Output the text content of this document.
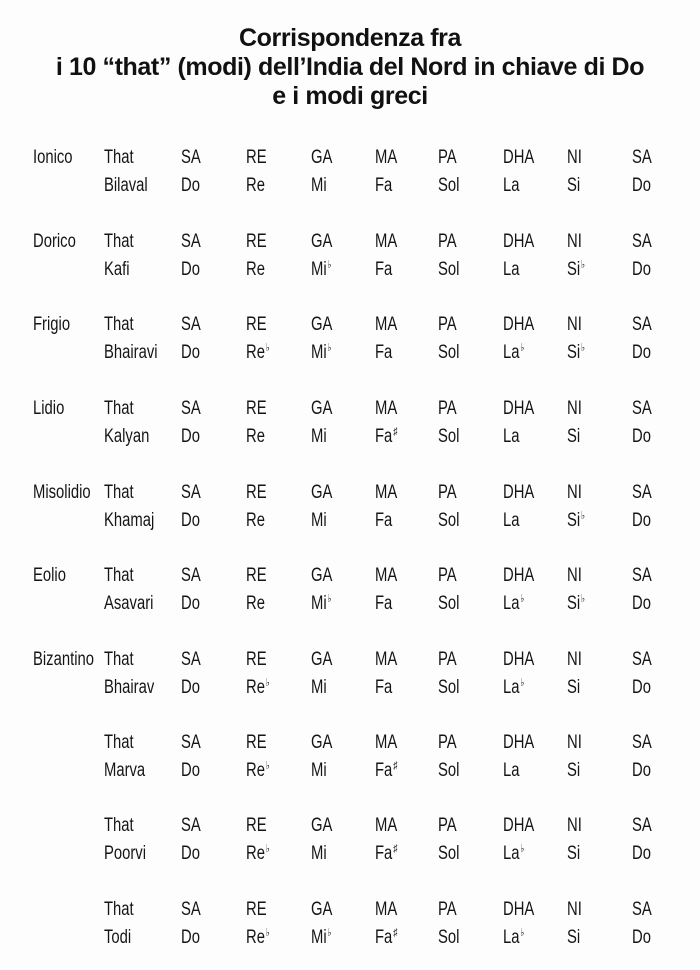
Corrispondenza fra
i 10 “that” (modi) dell’India del Nord in chiave di Do
e i modi greci
Ionico That SA RE GA MA PA DHA NI	SA
Bilaval Do Re Mi	Fa Sol La	Si	Do
Dorico That SA RE GA MA PA DHA NI	SA
Kafi	Do Re Mi♭ Fa Sol La	Si♭ Do
Frigio That SA RE GA MA PA DHA NI	SA
Bhairavi Do Re♭ Mi♭ Fa Sol La♭ Si♭ Do
Lidio That SA RE GA MA PA DHA NI	SA
Kalyan Do Re Mi	Fa♯ Sol La	Si	Do
Misolidio That SA RE GA MA PA DHA NI	SA
Khamaj Do Re Mi	Fa Sol La	Si♭ Do
Eolio That SA RE GA MA PA DHA NI	SA
Asavari Do Re Mi♭ Fa Sol La♭ Si♭ Do
Bizantino That SA RE GA MA PA DHA NI	SA
Bhairav Do Re♭ Mi	Fa Sol La♭ Si	Do
That SA RE GA MA PA DHA NI	SA
Marva Do Re♭ Mi	Fa♯ Sol La	Si	Do
That SA RE GA MA PA DHA NI	SA
Poorvi Do Re♭ Mi	Fa♯ Sol La♭ Si	Do
That SA RE GA MA PA DHA NI	SA
Todi	Do Re♭ Mi♭ Fa♯ Sol La♭ Si	Do
